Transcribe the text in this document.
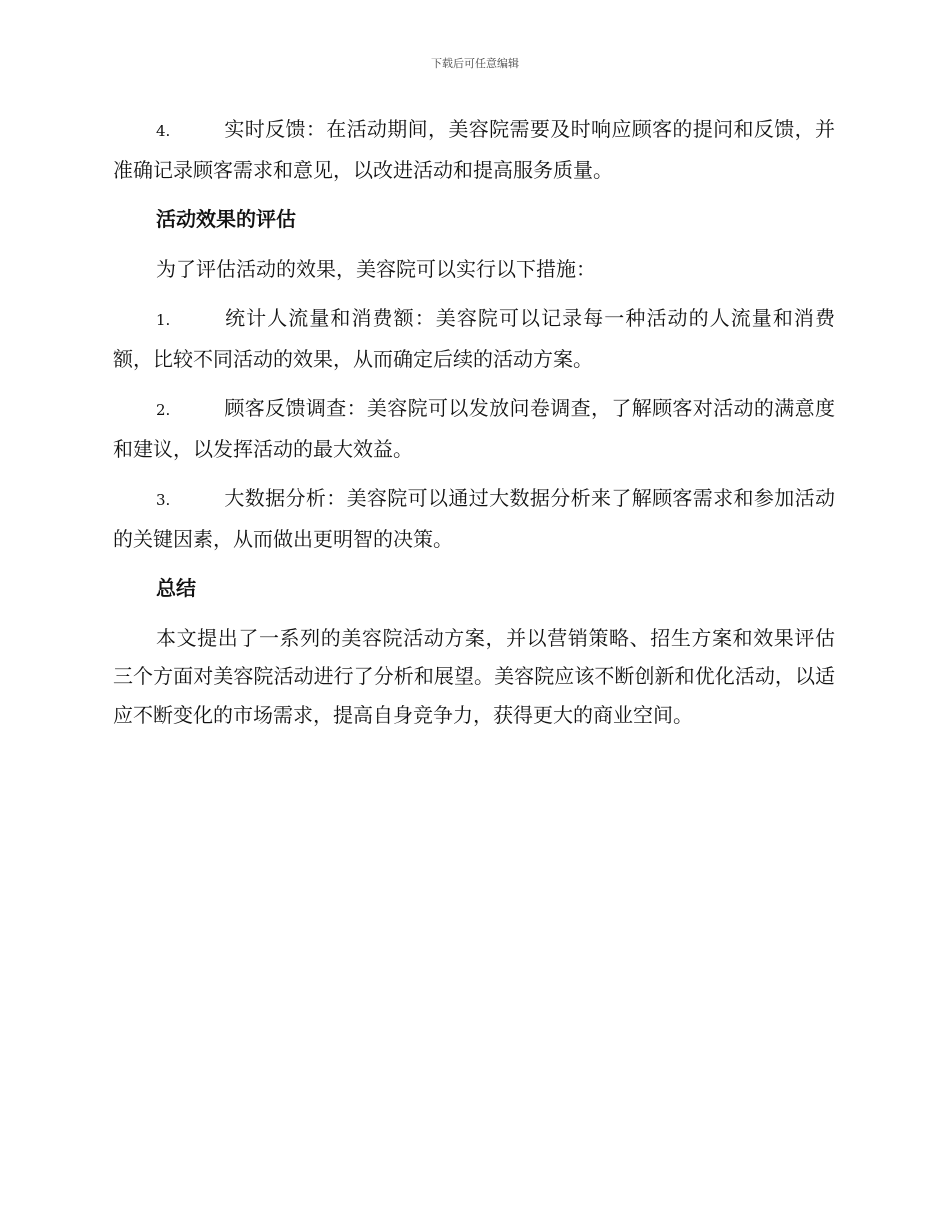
下载后可任意编辑

4.	实时反馈：在活动期间，美容院需要及时响应顾客的提问和反馈，并准确记录顾客需求和意见，以改进活动和提高服务质量。

活动效果的评估

为了评估活动的效果，美容院可以实行以下措施：

1.	统计人流量和消费额：美容院可以记录每一种活动的人流量和消费额，比较不同活动的效果，从而确定后续的活动方案。

2.	顾客反馈调查：美容院可以发放问卷调查，了解顾客对活动的满意度和建议，以发挥活动的最大效益。

3.	大数据分析：美容院可以通过大数据分析来了解顾客需求和参加活动的关键因素，从而做出更明智的决策。

总结

本文提出了一系列的美容院活动方案，并以营销策略、招生方案和效果评估三个方面对美容院活动进行了分析和展望。美容院应该不断创新和优化活动，以适应不断变化的市场需求，提高自身竞争力，获得更大的商业空间。
